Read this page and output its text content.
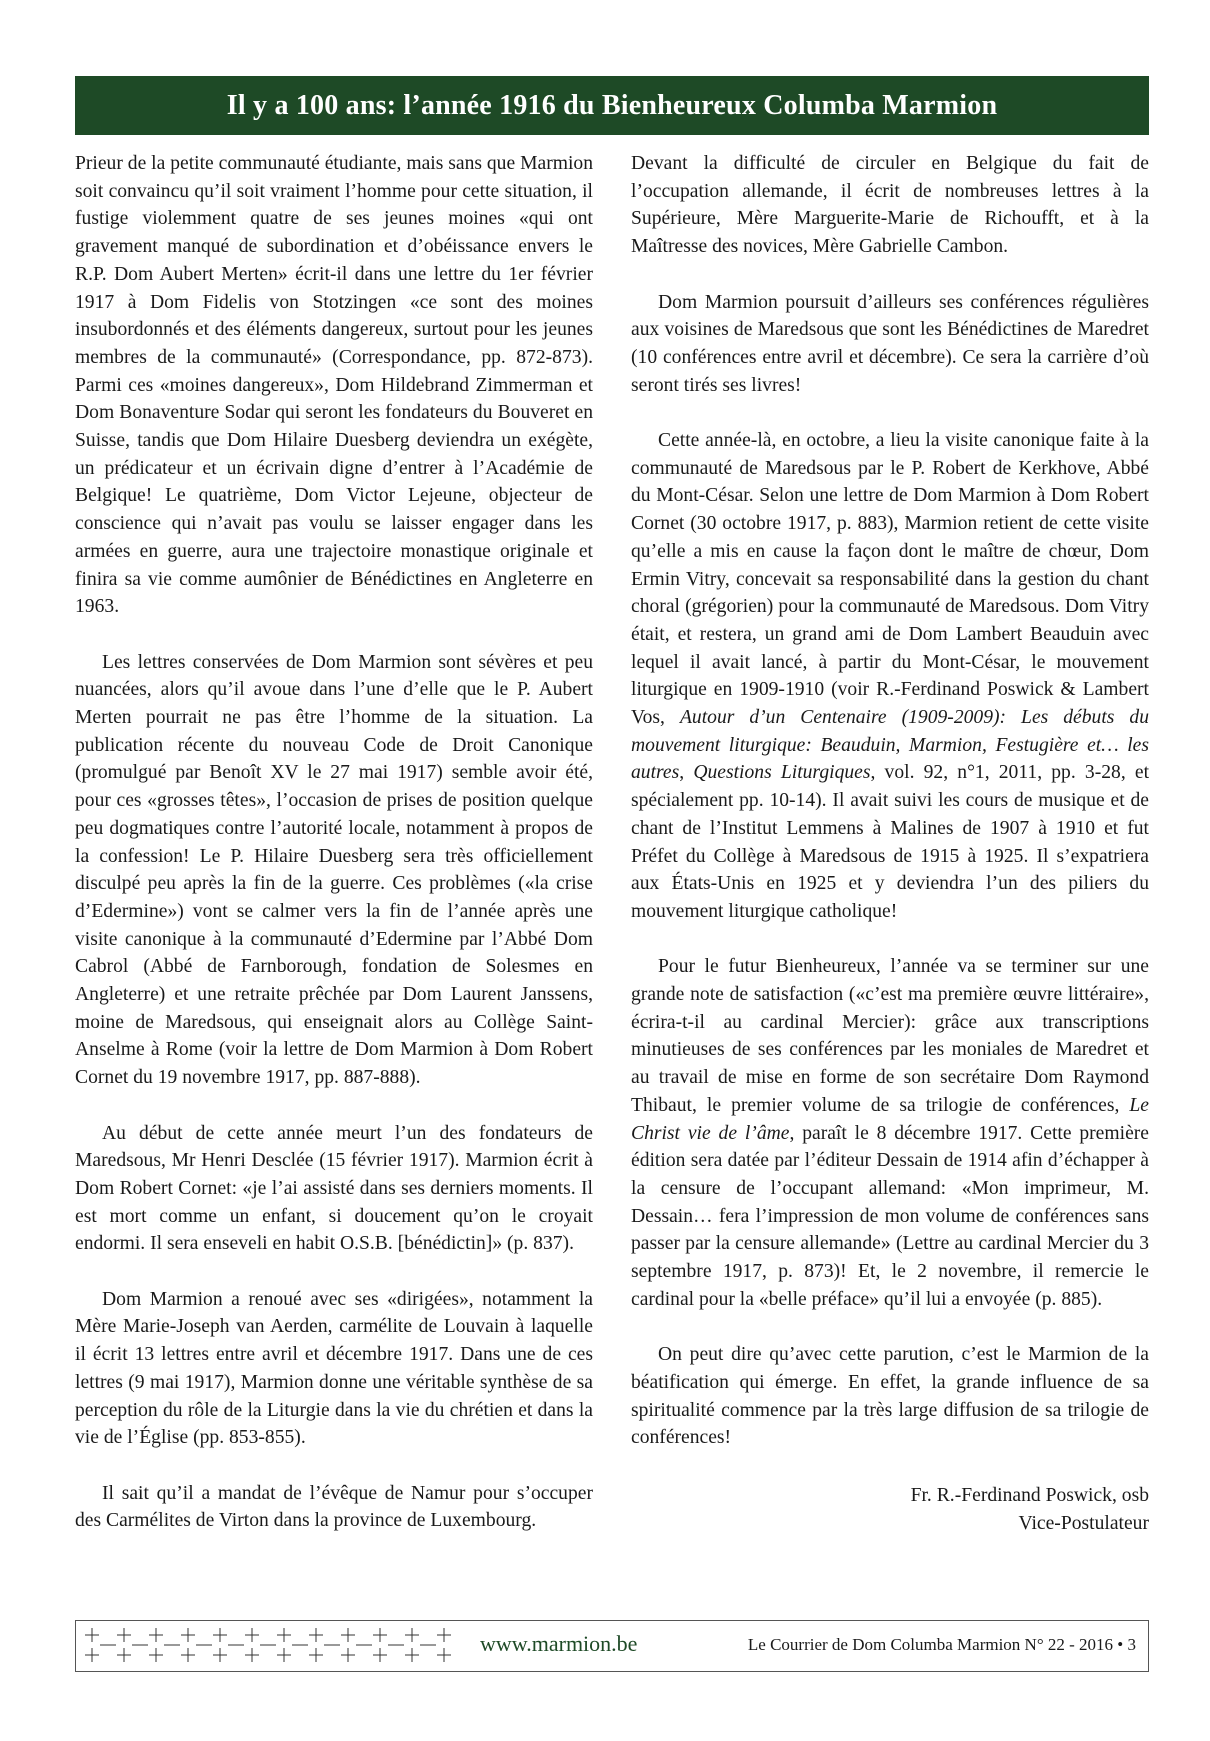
Il y a 100 ans: l’année 1916 du Bienheureux Columba Marmion

Prieur de la petite communauté étudiante, mais sans que Marmion soit convaincu qu’il soit vraiment l’homme pour cette situation, il fustige violemment quatre de ses jeunes moines «qui ont gravement manqué de subordination et d’obéissance envers le R.P. Dom Aubert Merten» écrit-il dans une lettre du 1er février 1917 à Dom Fidelis von Stotzingen «ce sont des moines insubordonnés et des éléments dangereux, surtout pour les jeunes membres de la communauté» (Correspondance, pp. 872-873). Parmi ces «moines dangereux», Dom Hildebrand Zimmerman et Dom Bonaventure Sodar qui seront les fondateurs du Bouveret en Suisse, tandis que Dom Hilaire Duesberg deviendra un exégète, un prédicateur et un écrivain digne d’entrer à l’Académie de Belgique! Le quatrième, Dom Victor Lejeune, objecteur de conscience qui n’avait pas voulu se laisser engager dans les armées en guerre, aura une trajectoire monastique originale et finira sa vie comme aumônier de Bénédictines en Angleterre en 1963.

Les lettres conservées de Dom Marmion sont sévères et peu nuancées, alors qu’il avoue dans l’une d’elle que le P. Aubert Merten pourrait ne pas être l’homme de la situation. La publication récente du nouveau Code de Droit Canonique (promulgué par Benoît XV le 27 mai 1917) semble avoir été, pour ces «grosses têtes», l’occasion de prises de position quelque peu dogmatiques contre l’autorité locale, notamment à propos de la confession! Le P. Hilaire Duesberg sera très officiellement disculpé peu après la fin de la guerre. Ces problèmes («la crise d’Edermine») vont se calmer vers la fin de l’année après une visite canonique à la communauté d’Edermine par l’Abbé Dom Cabrol (Abbé de Farnborough, fondation de Solesmes en Angleterre) et une retraite prêchée par Dom Laurent Janssens, moine de Maredsous, qui enseignait alors au Collège Saint-Anselme à Rome (voir la lettre de Dom Marmion à Dom Robert Cornet du 19 novembre 1917, pp. 887-888).

Au début de cette année meurt l’un des fondateurs de Maredsous, Mr Henri Desclée (15 février 1917). Marmion écrit à Dom Robert Cornet: «je l’ai assisté dans ses derniers moments. Il est mort comme un enfant, si doucement qu’on le croyait endormi. Il sera enseveli en habit O.S.B. [bénédictin]» (p. 837).

Dom Marmion a renoué avec ses «dirigées», notamment la Mère Marie-Joseph van Aerden, carmélite de Louvain à laquelle il écrit 13 lettres entre avril et décembre 1917. Dans une de ces lettres (9 mai 1917), Marmion donne une véritable synthèse de sa perception du rôle de la Liturgie dans la vie du chrétien et dans la vie de l’Église (pp. 853-855).

Il sait qu’il a mandat de l’évêque de Namur pour s’occuper des Carmélites de Virton dans la province de Luxembourg.

Devant la difficulté de circuler en Belgique du fait de l’occupation allemande, il écrit de nombreuses lettres à la Supérieure, Mère Marguerite-Marie de Richoufft, et à la Maîtresse des novices, Mère Gabrielle Cambon.

Dom Marmion poursuit d’ailleurs ses conférences régulières aux voisines de Maredsous que sont les Bénédictines de Maredret (10 conférences entre avril et décembre). Ce sera la carrière d’où seront tirés ses livres!

Cette année-là, en octobre, a lieu la visite canonique faite à la communauté de Maredsous par le P. Robert de Kerkhove, Abbé du Mont-César. Selon une lettre de Dom Marmion à Dom Robert Cornet (30 octobre 1917, p. 883), Marmion retient de cette visite qu’elle a mis en cause la façon dont le maître de chœur, Dom Ermin Vitry, concevait sa responsabilité dans la gestion du chant choral (grégorien) pour la communauté de Maredsous. Dom Vitry était, et restera, un grand ami de Dom Lambert Beauduin avec lequel il avait lancé, à partir du Mont-César, le mouvement liturgique en 1909-1910 (voir R.-Ferdinand Poswick & Lambert Vos, Autour d’un Centenaire (1909-2009): Les débuts du mouvement liturgique: Beauduin, Marmion, Festugière et… les autres, Questions Liturgiques, vol. 92, n°1, 2011, pp. 3-28, et spécialement pp. 10-14). Il avait suivi les cours de musique et de chant de l’Institut Lemmens à Malines de 1907 à 1910 et fut Préfet du Collège à Maredsous de 1915 à 1925. Il s’expatriera aux États-Unis en 1925 et y deviendra l’un des piliers du mouvement liturgique catholique!

Pour le futur Bienheureux, l’année va se terminer sur une grande note de satisfaction («c’est ma première œuvre littéraire», écrira-t-il au cardinal Mercier): grâce aux transcriptions minutieuses de ses conférences par les moniales de Maredret et au travail de mise en forme de son secrétaire Dom Raymond Thibaut, le premier volume de sa trilogie de conférences, Le Christ vie de l’âme, paraît le 8 décembre 1917. Cette première édition sera datée par l’éditeur Dessain de 1914 afin d’échapper à la censure de l’occupant allemand: «Mon imprimeur, M. Dessain… fera l’impression de mon volume de conférences sans passer par la censure allemande» (Lettre au cardinal Mercier du 3 septembre 1917, p. 873)! Et, le 2 novembre, il remercie le cardinal pour la «belle préface» qu’il lui a envoyée (p. 885).

On peut dire qu’avec cette parution, c’est le Marmion de la béatification qui émerge. En effet, la grande influence de sa spiritualité commence par la très large diffusion de sa trilogie de conférences!

Fr. R.-Ferdinand Poswick, osb

Vice-Postulateur

www.marmion.be	Le Courrier de Dom Columba Marmion N° 22 - 2016 • 3
